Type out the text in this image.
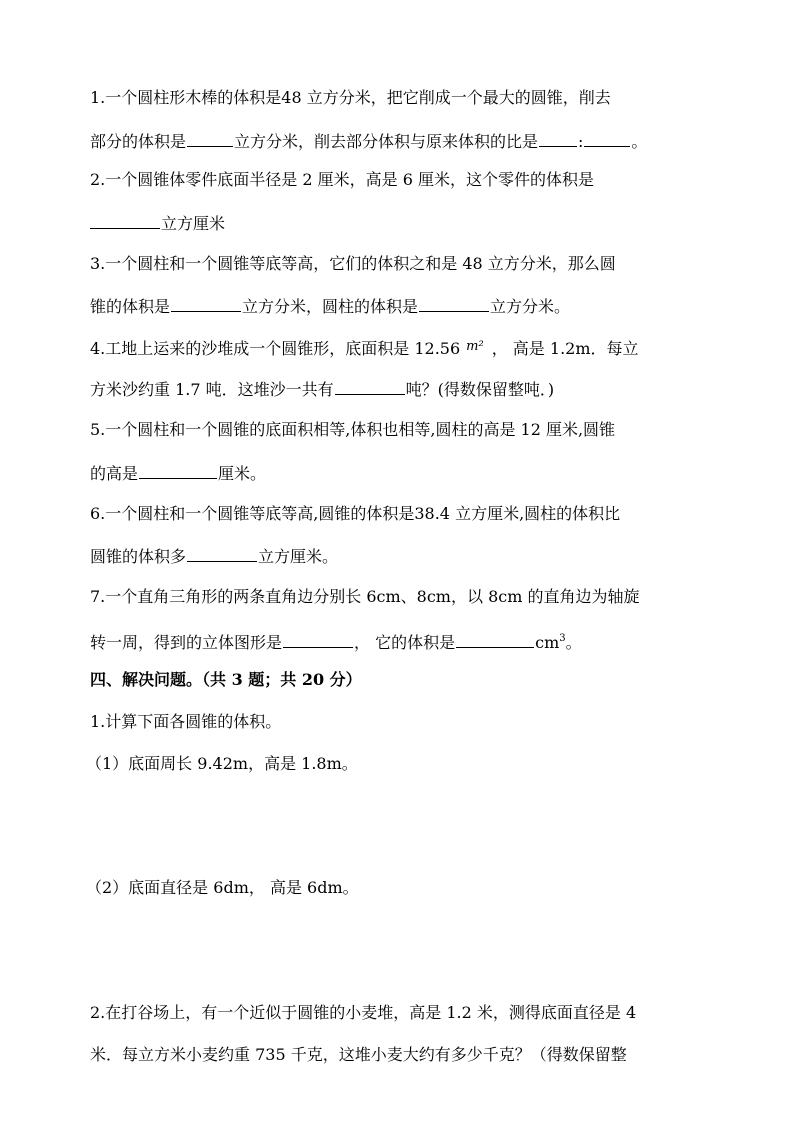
1.一个圆柱形木棒的体积是48 立方分米，把它削成一个最大的圆锥，削去
部分的体积是	立方分米，削去部分体积与原来体积的比是	:	。
2.一个圆锥体零件底面半径是 2 厘米，高是 6 厘米，这个零件的体积是
立方厘米
3.一个圆柱和一个圆锥等底等高，它们的体积之和是 48 立方分米，那么圆
锥的体积是	立方分米，圆柱的体积是	立方分米。
4.工地上运来的沙堆成一个圆锥形，底面积是 12.56 $^{m^2}$ ， 高是 1.2m．每立
方米沙约重 1.7 吨．这堆沙一共有	吨？(得数保留整吨．)
5.一个圆柱和一个圆锥的底面积相等,体积也相等,圆柱的高是 12 厘米,圆锥
的高是	厘米。
6.一个圆柱和一个圆锥等底等高,圆锥的体积是38.4 立方厘米,圆柱的体积比
圆锥的体积多	立方厘米。
7.一个直角三角形的两条直角边分别长 6cm、8cm，以 8cm 的直角边为轴旋
转一周，得到的立体图形是	， 它的体积是	$cm^3$。
四、解决问题。（共 3 题；共 20 分）
1.计算下面各圆锥的体积。
（1）底面周长 9.42m，高是 1.8m。
（2）底面直径是 6dm， 高是 6dm。
2.在打谷场上，有一个近似于圆锥的小麦堆，高是 1.2 米，测得底面直径是 4
米．每立方米小麦约重 735 千克，这堆小麦大约有多少千克？（得数保留整
